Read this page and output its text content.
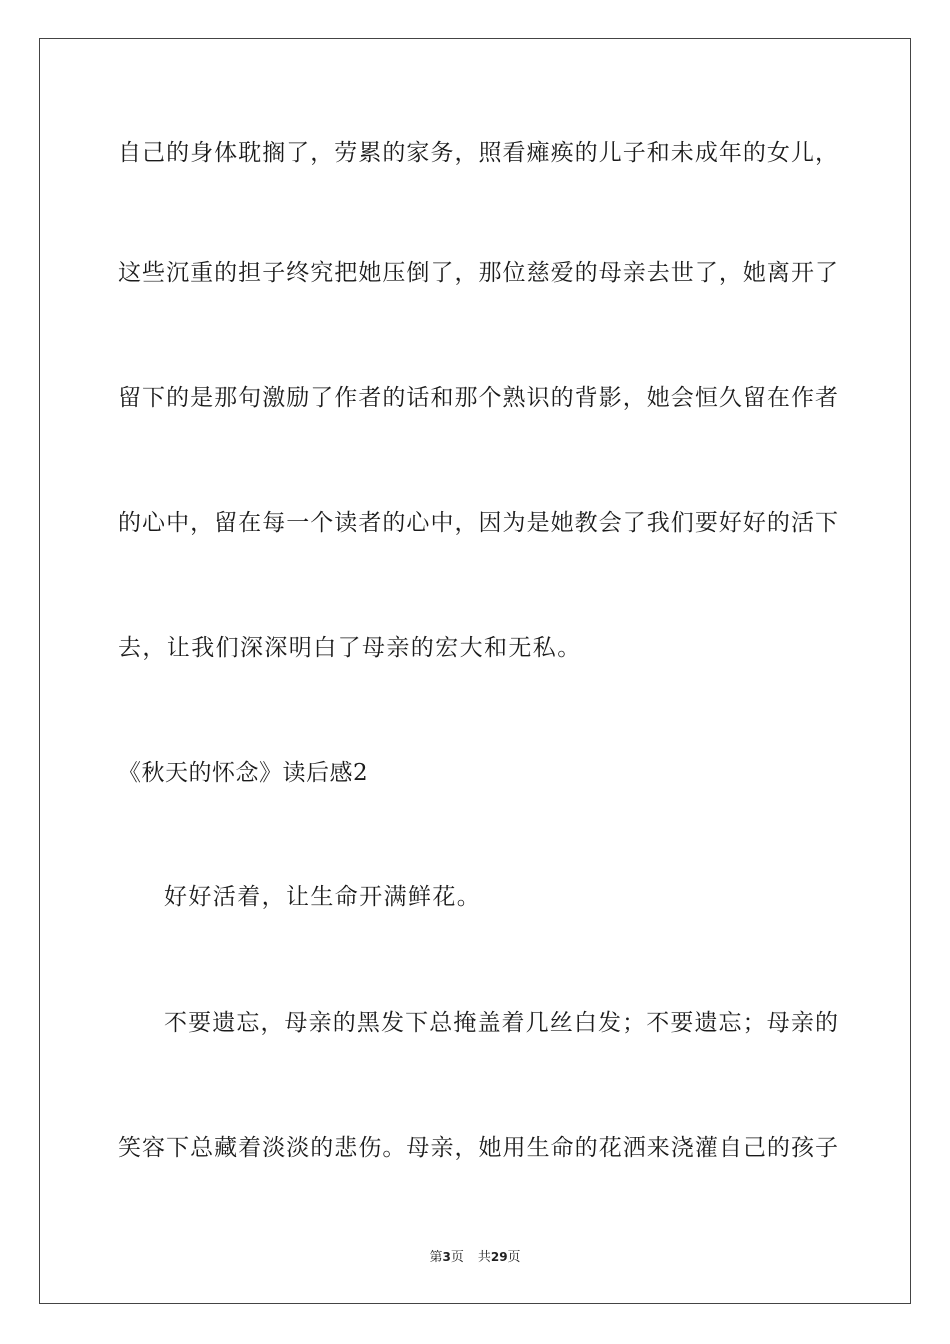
自己的身体耽搁了，劳累的家务，照看瘫痪的儿子和未成年的女儿，
这些沉重的担子终究把她压倒了，那位慈爱的母亲去世了，她离开了
留下的是那句激励了作者的话和那个熟识的背影，她会恒久留在作者
的心中，留在每一个读者的心中，因为是她教会了我们要好好的活下
去，让我们深深明白了母亲的宏大和无私。
《秋天的怀念》读后感2
好好活着，让生命开满鲜花。
不要遗忘，母亲的黑发下总掩盖着几丝白发；不要遗忘；母亲的
笑容下总藏着淡淡的悲伤。母亲，她用生命的花洒来浇灌自己的孩子
第3页 共29页
